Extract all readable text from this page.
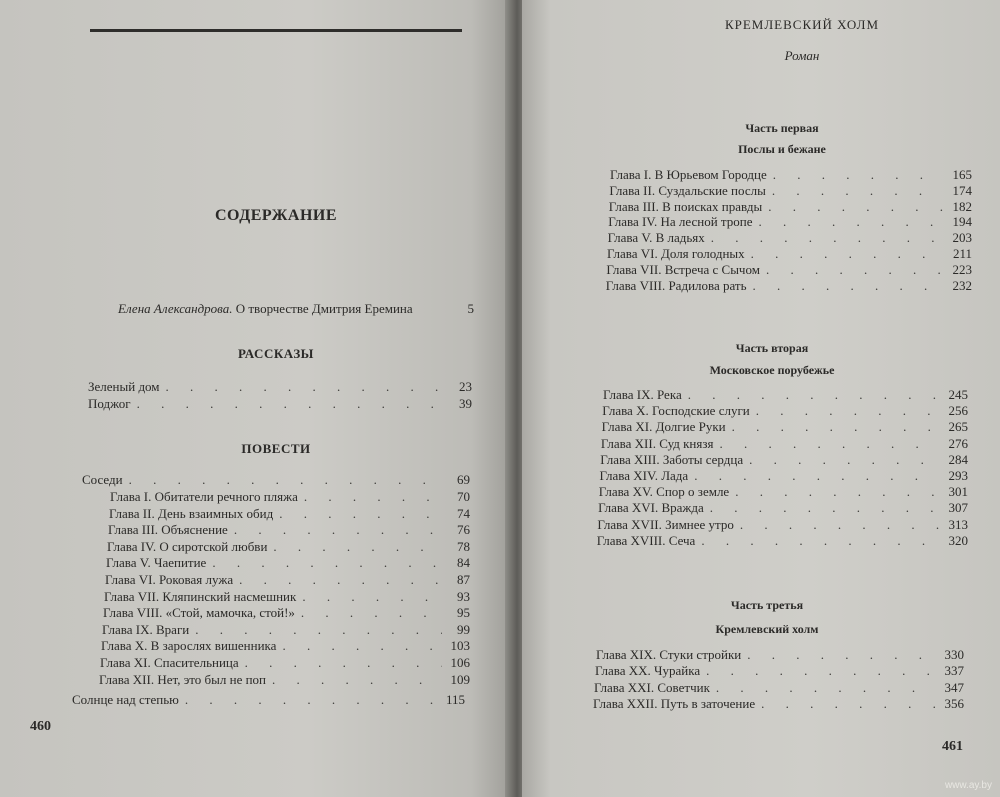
СОДЕРЖАНИЕ
Елена Александрова. О творчестве Дмитрия Еремина	5
РАССКАЗЫ
Зеленый дом . . .	23
Поджог . . .	39
ПОВЕСТИ
Соседи . . .	69
Глава I. Обитатели речного пляжа . . .	70
Глава II. День взаимных обид . . .	74
Глава III. Объяснение . . .	76
Глава IV. О сиротской любви . . .	78
Глава V. Чаепитие . . .	84
Глава VI. Роковая лужа . . .	87
Глава VII. Кляпинский насмешник . . .	93
Глава VIII. «Стой, мамочка, стой!» . . .	95
Глава IX. Враги . . .	99
Глава X. В зарослях вишенника . . .	103
Глава XI. Спасительница . . .	106
Глава XII. Нет, это был не поп . . .	109
Солнце над степью . . .	115
460
КРЕМЛЕВСКИЙ ХОЛМ
Роман
Часть первая
Послы и бежане
Глава I. В Юрьевом Городце . . .	165
Глава II. Суздальские послы . . .	174
Глава III. В поисках правды . . .	182
Глава IV. На лесной тропе . . .	194
Глава V. В ладьях . . .	203
Глава VI. Доля голодных . . .	211
Глава VII. Встреча с Сычом . . .	223
Глава VIII. Радилова рать . . .	232
Часть вторая
Московское порубежье
Глава IX. Река . . .	245
Глава X. Господские слуги . . .	256
Глава XI. Долгие Руки . . .	265
Глава XII. Суд князя . . .	276
Глава XIII. Заботы сердца . . .	284
Глава XIV. Лада . . .	293
Глава XV. Спор о земле . . .	301
Глава XVI. Вражда . . .	307
Глава XVII. Зимнее утро . . .	313
Глава XVIII. Сеча . . .	320
Часть третья
Кремлевский холм
Глава XIX. Стуки стройки . . .	330
Глава XX. Чурайка . . .	337
Глава XXI. Советчик . . .	347
Глава XXII. Путь в заточение . . .	356
461
www.ay.by
